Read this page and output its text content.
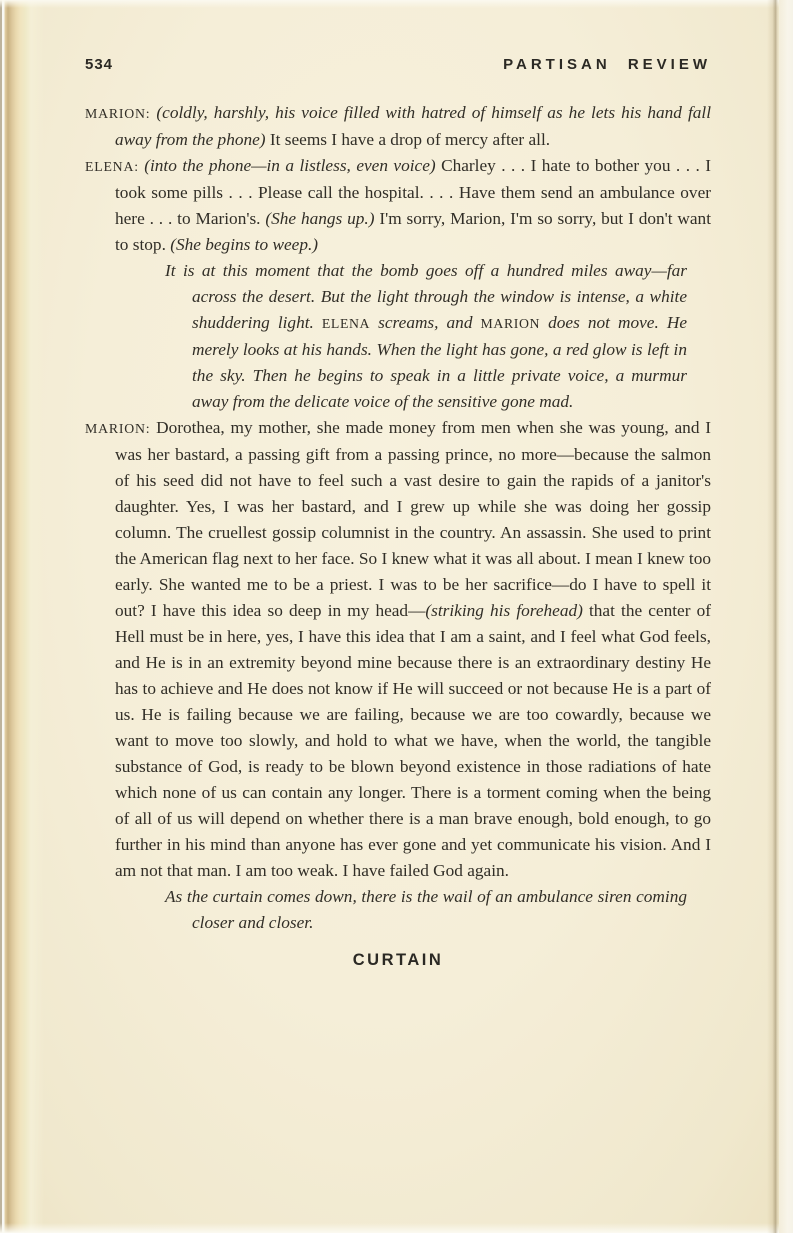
534	PARTISAN REVIEW

MARION: (coldly, harshly, his voice filled with hatred of himself as he lets his hand fall away from the phone) It seems I have a drop of mercy after all.

ELENA: (into the phone—in a listless, even voice) Charley . . . I hate to bother you . . . I took some pills . . . Please call the hospital. . . . Have them send an ambulance over here . . . to Marion's. (She hangs up.) I'm sorry, Marion, I'm so sorry, but I don't want to stop. (She begins to weep.)

It is at this moment that the bomb goes off a hundred miles away—far across the desert. But the light through the window is intense, a white shuddering light. ELENA screams, and MARION does not move. He merely looks at his hands. When the light has gone, a red glow is left in the sky. Then he begins to speak in a little private voice, a murmur away from the delicate voice of the sensitive gone mad.

MARION: Dorothea, my mother, she made money from men when she was young, and I was her bastard, a passing gift from a passing prince, no more—because the salmon of his seed did not have to feel such a vast desire to gain the rapids of a janitor's daughter. Yes, I was her bastard, and I grew up while she was doing her gossip column. The cruellest gossip columnist in the country. An assassin. She used to print the American flag next to her face. So I knew what it was all about. I mean I knew too early. She wanted me to be a priest. I was to be her sacrifice—do I have to spell it out? I have this idea so deep in my head—(striking his forehead) that the center of Hell must be in here, yes, I have this idea that I am a saint, and I feel what God feels, and He is in an extremity beyond mine because there is an extraordinary destiny He has to achieve and He does not know if He will succeed or not because He is a part of us. He is failing because we are failing, because we are too cowardly, because we want to move too slowly, and hold to what we have, when the world, the tangible substance of God, is ready to be blown beyond existence in those radiations of hate which none of us can contain any longer. There is a torment coming when the being of all of us will depend on whether there is a man brave enough, bold enough, to go further in his mind than anyone has ever gone and yet communicate his vision. And I am not that man. I am too weak. I have failed God again.

As the curtain comes down, there is the wail of an ambulance siren coming closer and closer.

CURTAIN
